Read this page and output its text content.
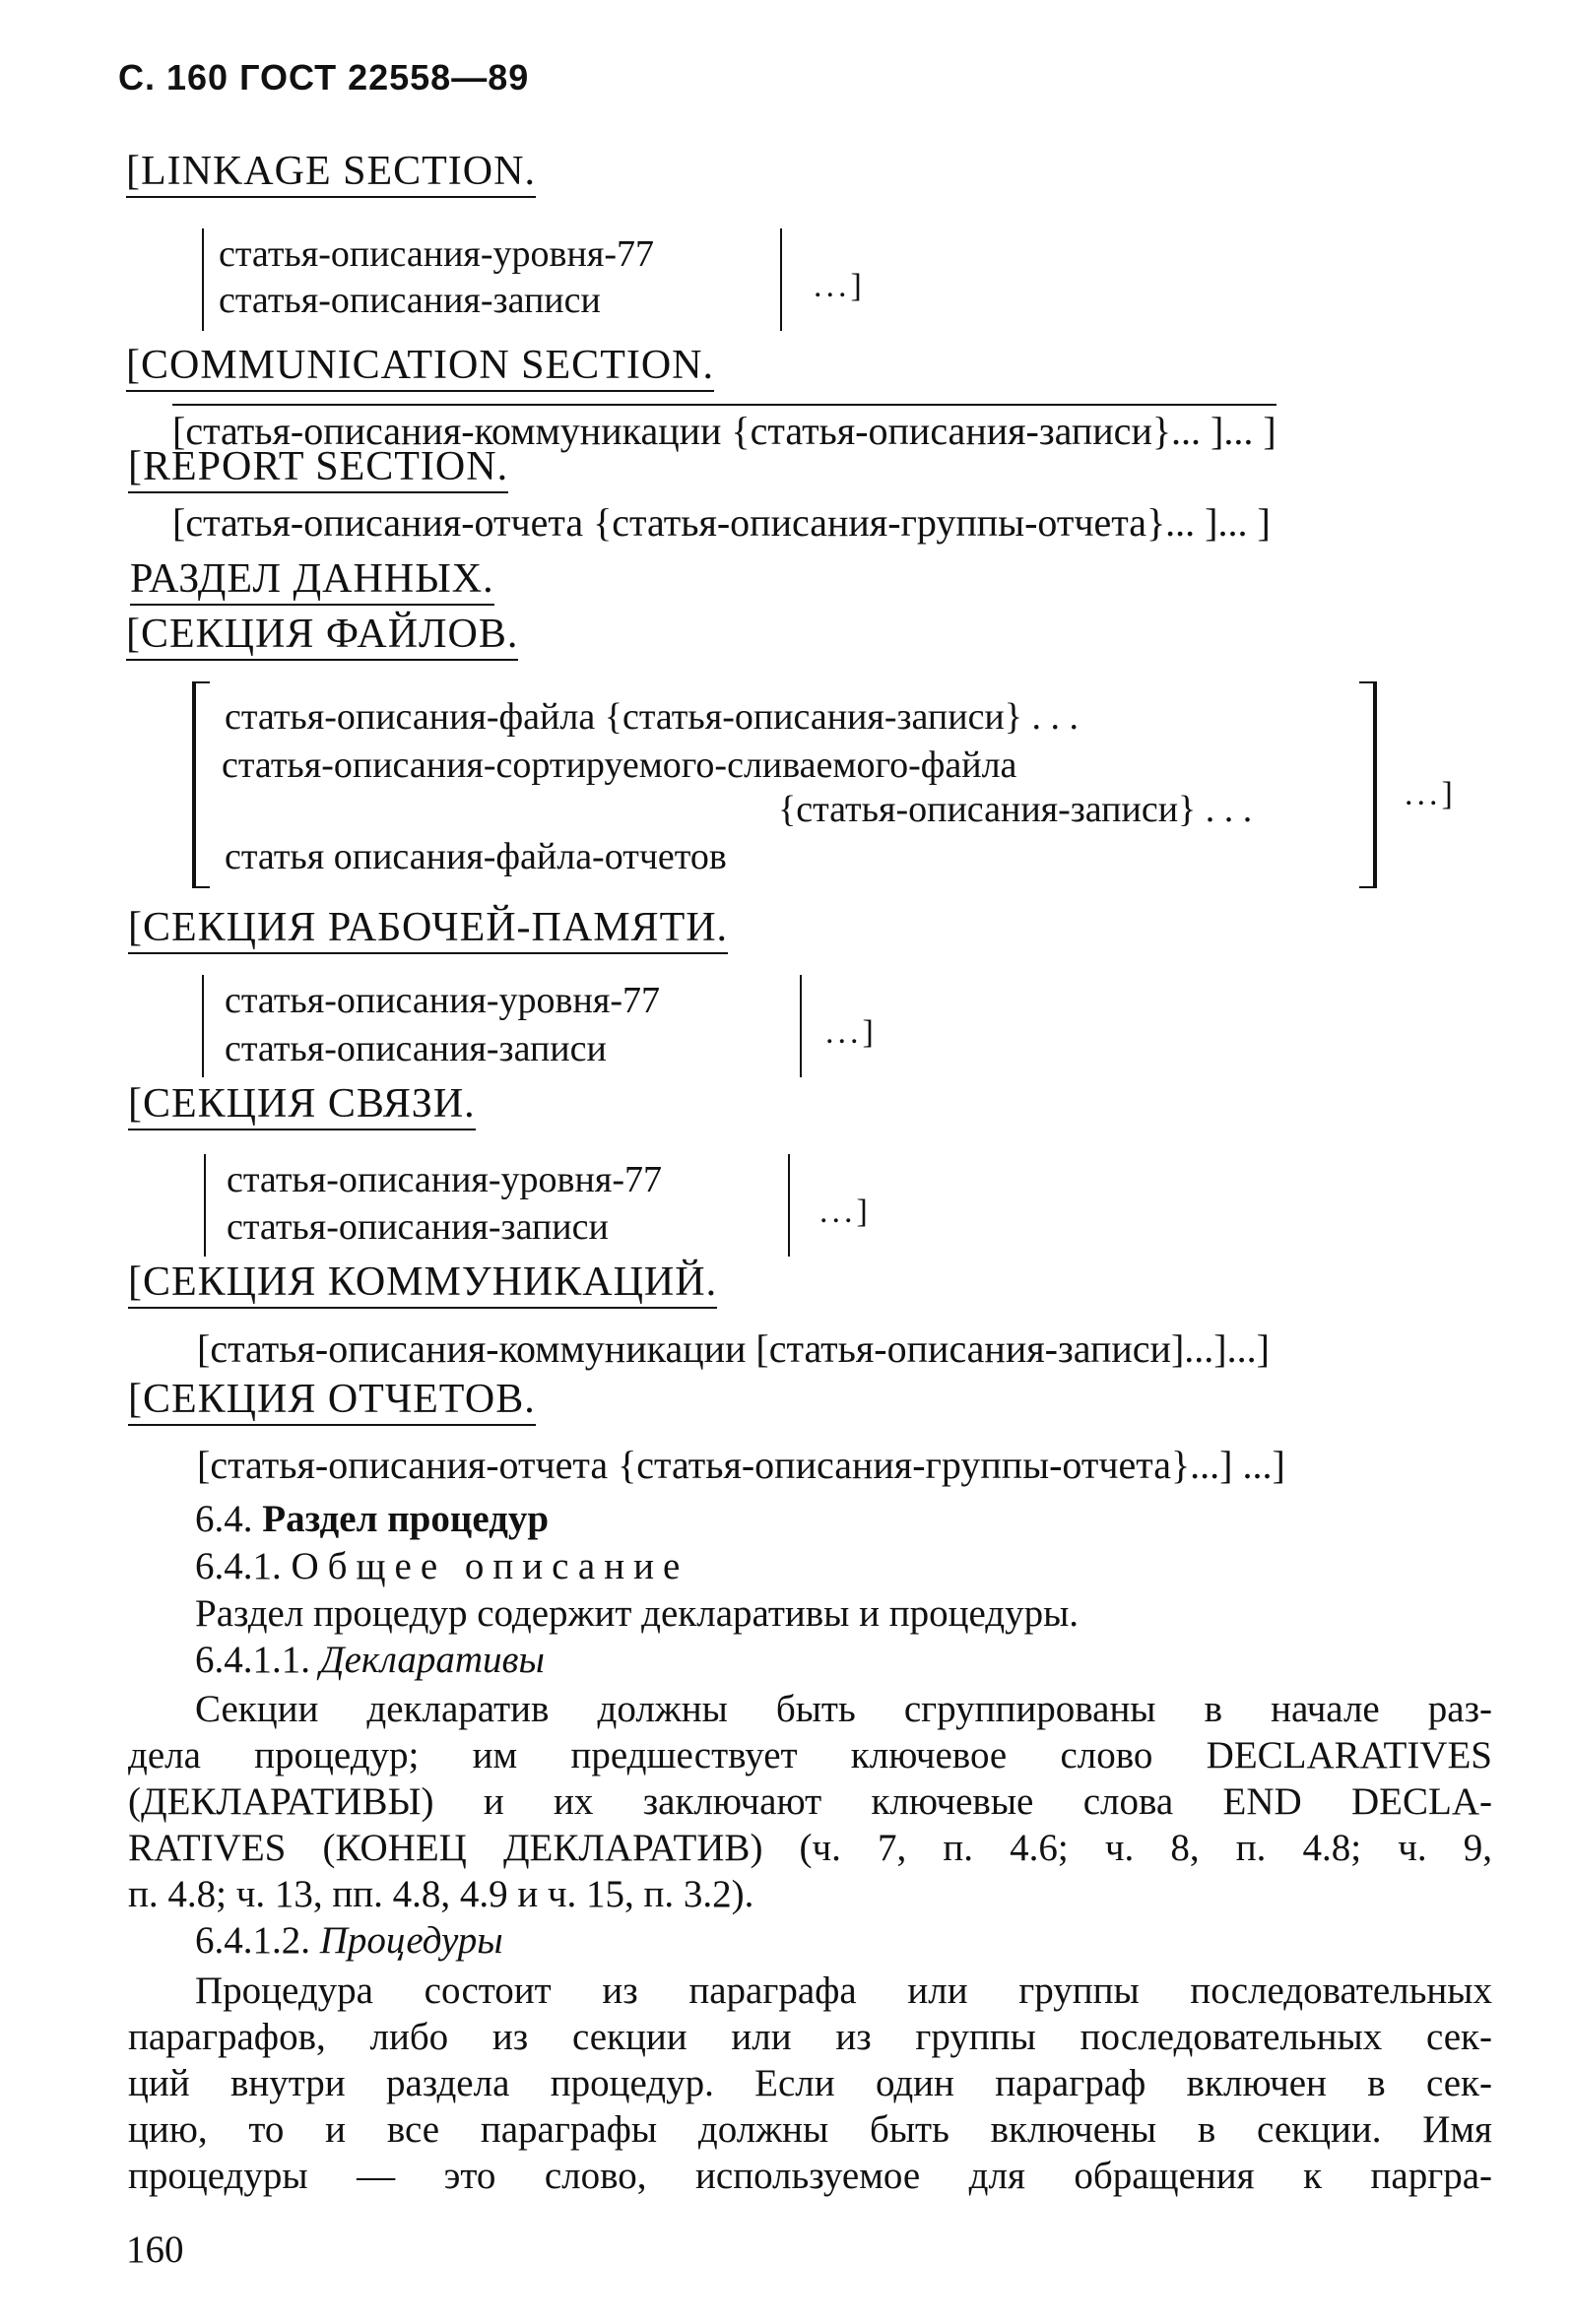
С. 160 ГОСТ 22558—89
[LINKAGE SECTION.
статья-описания-уровня-77
статья-описания-записи	...]
[COMMUNICATION SECTION.
[статья-описания-коммуникации {статья-описания-записи}... ]... ]
[REPORT SECTION.
[статья-описания-отчета {статья-описания-группы-отчета}... ]... ]
РАЗДЕЛ ДАННЫХ.
[СЕКЦИЯ ФАЙЛОВ.
статья-описания-файла {статья-описания-записи} . . .
статья-описания-сортируемого-сливаемого-файла
{статья-описания-записи} . . .
статья описания-файла-отчетов
...]
[СЕКЦИЯ РАБОЧЕЙ-ПАМЯТИ.
статья-описания-уровня-77
статья-описания-записи	...]
[СЕКЦИЯ СВЯЗИ.
статья-описания-уровня-77
статья-описания-записи	...]
[СЕКЦИЯ КОММУНИКАЦИЙ.
[статья-описания-коммуникации [статья-описания-записи]...]...]
[СЕКЦИЯ ОТЧЕТОВ.
[статья-описания-отчета {статья-описания-группы-отчета}...] ...]
6.4. Раздел процедур
6.4.1. Общее описание
Раздел процедур содержит декларативы и процедуры.
6.4.1.1. Декларативы
Секции декларатив должны быть сгруппированы в начале раз-
дела процедур; им предшествует ключевое слово DECLARATIVES
(ДЕКЛАРАТИВЫ) и их заключают ключевые слова END DECLA-
RATIVES (КОНЕЦ ДЕКЛАРАТИВ) (ч. 7, п. 4.6; ч. 8, п. 4.8; ч. 9,
п. 4.8; ч. 13, пп. 4.8, 4.9 и ч. 15, п. 3.2).
6.4.1.2. Процедуры
Процедура состоит из параграфа или группы последовательных
параграфов, либо из секции или из группы последовательных сек-
ций внутри раздела процедур. Если один параграф включен в сек-
цию, то и все параграфы должны быть включены в секции. Имя
процедуры — это слово, используемое для обращения к паргра-
160
